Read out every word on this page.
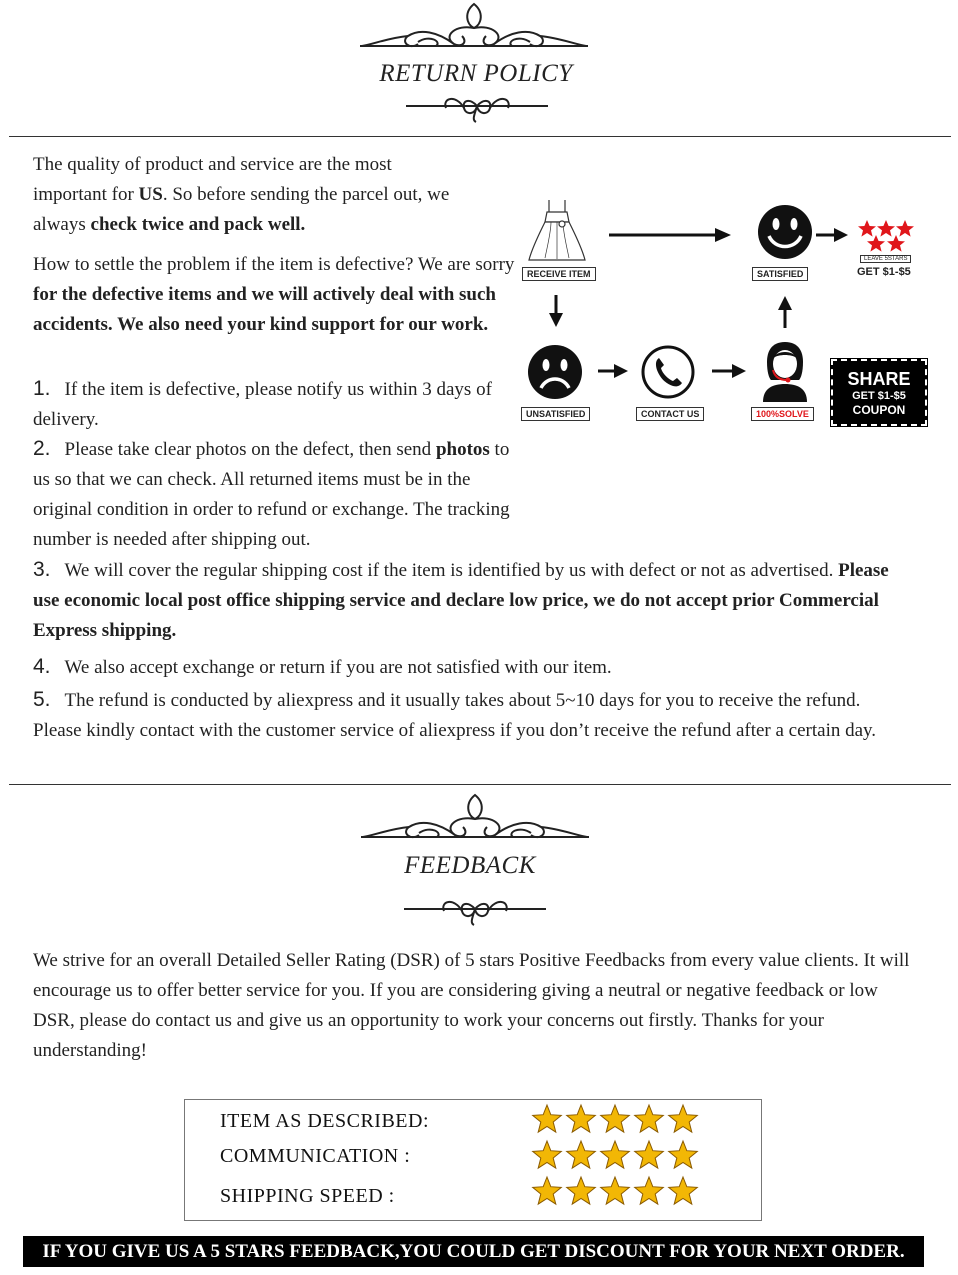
RETURN POLICY
The quality of product and service are the most important for US. So before sending the parcel out, we always check twice and pack well.
How to settle the problem if the item is defective? We are sorry for the defective items and we will actively deal with such accidents. We also need your kind support for our work.
1. If the item is defective, please notify us within 3 days of delivery.
2. Please take clear photos on the defect, then send photos to us so that we can check. All returned items must be in the original condition in order to refund or exchange. The tracking number is needed after shipping out.
3. We will cover the regular shipping cost if the item is identified by us with defect or not as advertised. Please use economic local post office shipping service and declare low price, we do not accept prior Commercial Express shipping.
4. We also accept exchange or return if you are not satisfied with our item.
5. The refund is conducted by aliexpress and it usually takes about 5~10 days for you to receive the refund. Please kindly contact with the customer service of aliexpress if you don’t receive the refund after a certain day.
RECEIVE ITEM	SATISFIED
LEAVE 5STARS
GET $1-$5
UNSATISFIED	CONTACT US	100%SOLVE
SHARE
GET $1-$5
COUPON
FEEDBACK
We strive for an overall Detailed Seller Rating (DSR) of 5 stars Positive Feedbacks from every value clients. It will encourage us to offer better service for you. If you are considering giving a neutral or negative feedback or low DSR, please do contact us and give us an opportunity to work your concerns out firstly. Thanks for your understanding!
ITEM AS DESCRIBED:
COMMUNICATION :
SHIPPING SPEED :
IF YOU GIVE US A 5 STARS FEEDBACK,YOU COULD GET DISCOUNT FOR YOUR NEXT ORDER.
